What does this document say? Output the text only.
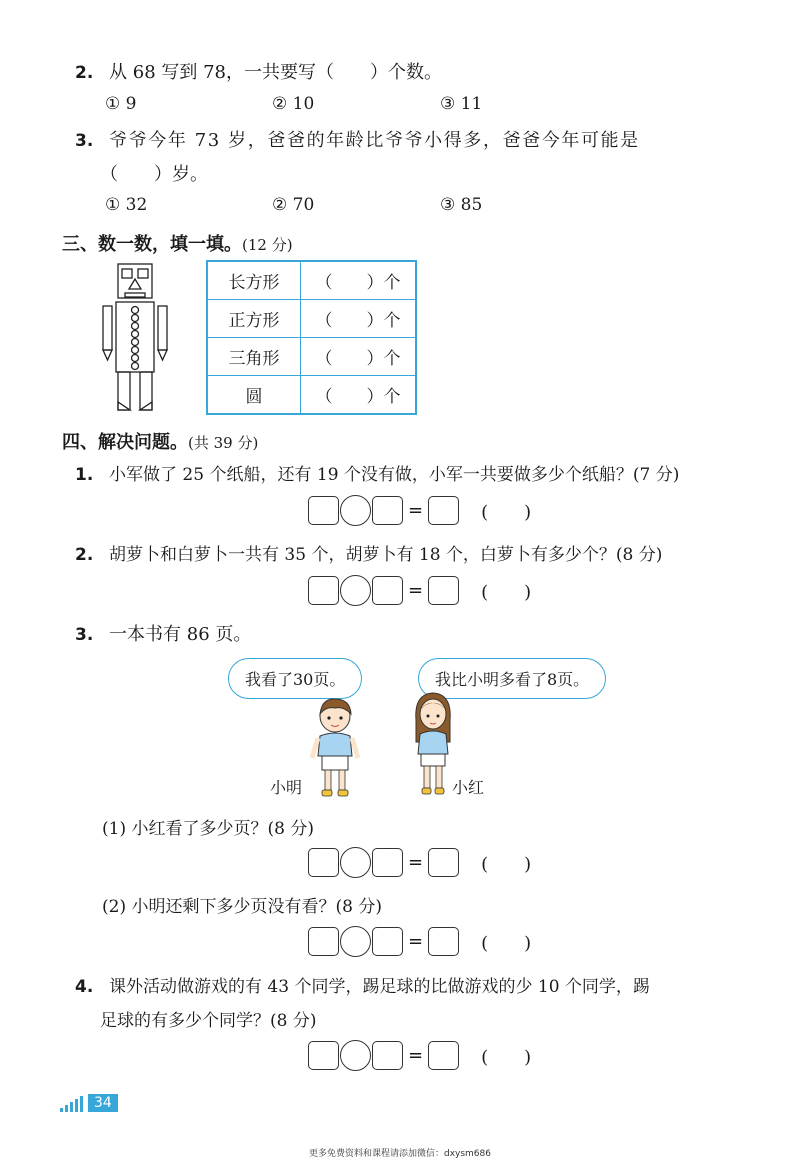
2. 从 68 写到 78，一共要写（　　）个数。
① 9	② 10	③ 11
3. 爷爷今年 73 岁，爸爸的年龄比爷爷小得多，爸爸今年可能是
（　　）岁。
① 32	② 70	③ 85
三、数一数，填一填。(12 分)
长方形	（　　）个
正方形	（　　）个
三角形	（　　）个
圆	（　　）个
四、解决问题。(共 39 分)
1. 小军做了 25 个纸船，还有 19 个没有做，小军一共要做多少个纸船？(7 分)
=	(　　)
2. 胡萝卜和白萝卜一共有 35 个，胡萝卜有 18 个，白萝卜有多少个？(8 分)
=	(　　)
3. 一本书有 86 页。
我看了30页。	我比小明多看了8页。
小明	小红
(1) 小红看了多少页？(8 分)
=	(　　)
(2) 小明还剩下多少页没有看？(8 分)
=	(　　)
4. 课外活动做游戏的有 43 个同学，踢足球的比做游戏的少 10 个同学，踢
足球的有多少个同学？(8 分)
=	(　　)
34
更多免费资料和课程请添加微信：dxysm686
